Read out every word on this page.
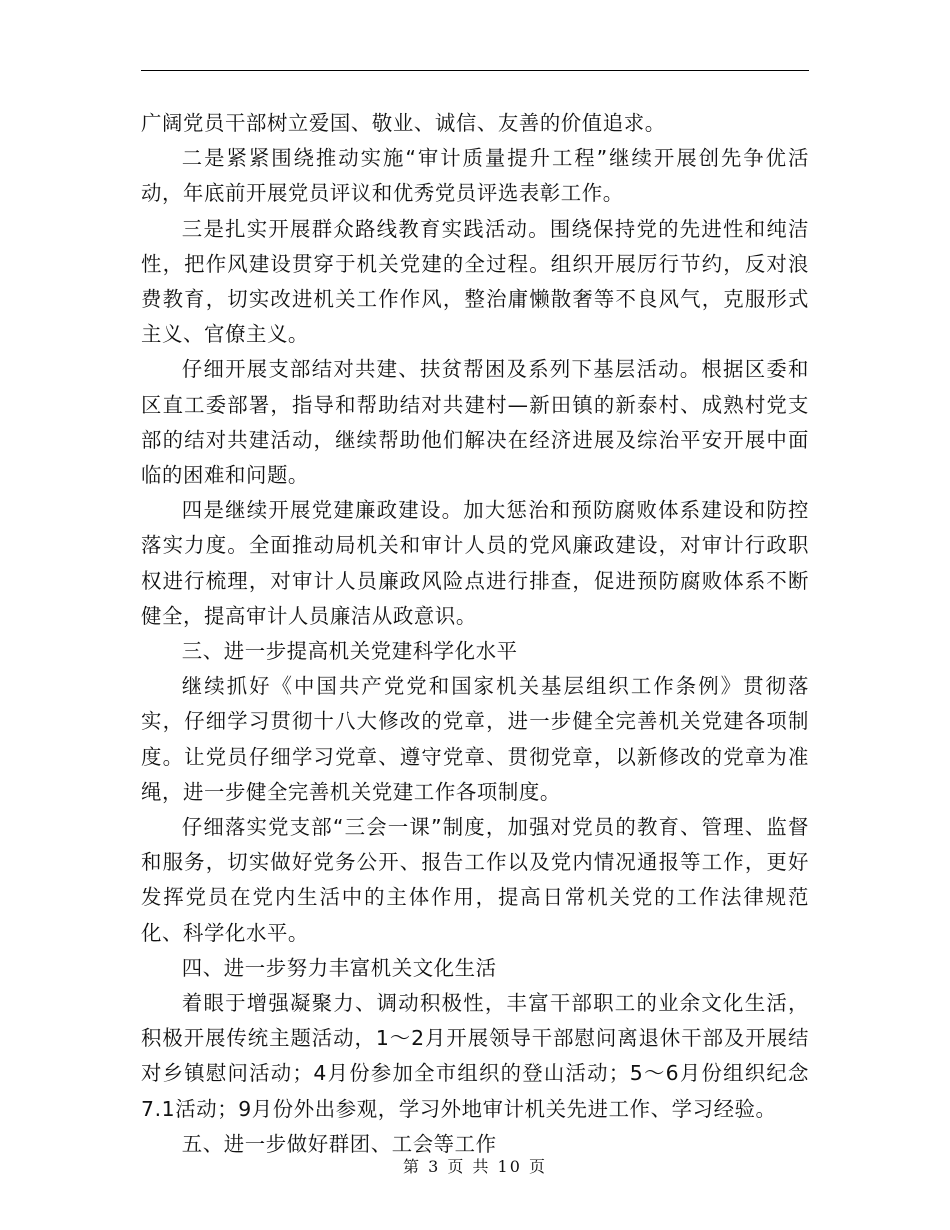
广阔党员干部树立爱国、敬业、诚信、友善的价值追求。

二是紧紧围绕推动实施“审计质量提升工程”继续开展创先争优活动，年底前开展党员评议和优秀党员评选表彰工作。

三是扎实开展群众路线教育实践活动。围绕保持党的先进性和纯洁性，把作风建设贯穿于机关党建的全过程。组织开展厉行节约，反对浪费教育，切实改进机关工作作风，整治庸懒散奢等不良风气，克服形式主义、官僚主义。

仔细开展支部结对共建、扶贫帮困及系列下基层活动。根据区委和区直工委部署，指导和帮助结对共建村—新田镇的新泰村、成熟村党支部的结对共建活动，继续帮助他们解决在经济进展及综治平安开展中面临的困难和问题。

四是继续开展党建廉政建设。加大惩治和预防腐败体系建设和防控落实力度。全面推动局机关和审计人员的党风廉政建设，对审计行政职权进行梳理，对审计人员廉政风险点进行排查，促进预防腐败体系不断健全，提高审计人员廉洁从政意识。

三、进一步提高机关党建科学化水平

继续抓好《中国共产党党和国家机关基层组织工作条例》贯彻落实，仔细学习贯彻十八大修改的党章，进一步健全完善机关党建各项制度。让党员仔细学习党章、遵守党章、贯彻党章，以新修改的党章为准绳，进一步健全完善机关党建工作各项制度。

仔细落实党支部“三会一课”制度，加强对党员的教育、管理、监督和服务，切实做好党务公开、报告工作以及党内情况通报等工作，更好发挥党员在党内生活中的主体作用，提高日常机关党的工作法律规范化、科学化水平。

四、进一步努力丰富机关文化生活

着眼于增强凝聚力、调动积极性，丰富干部职工的业余文化生活，积极开展传统主题活动，1～2月开展领导干部慰问离退休干部及开展结对乡镇慰问活动；4月份参加全市组织的登山活动；5～6月份组织纪念7.1活动；9月份外出参观，学习外地审计机关先进工作、学习经验。

五、进一步做好群团、工会等工作

第 3 页 共 10 页
